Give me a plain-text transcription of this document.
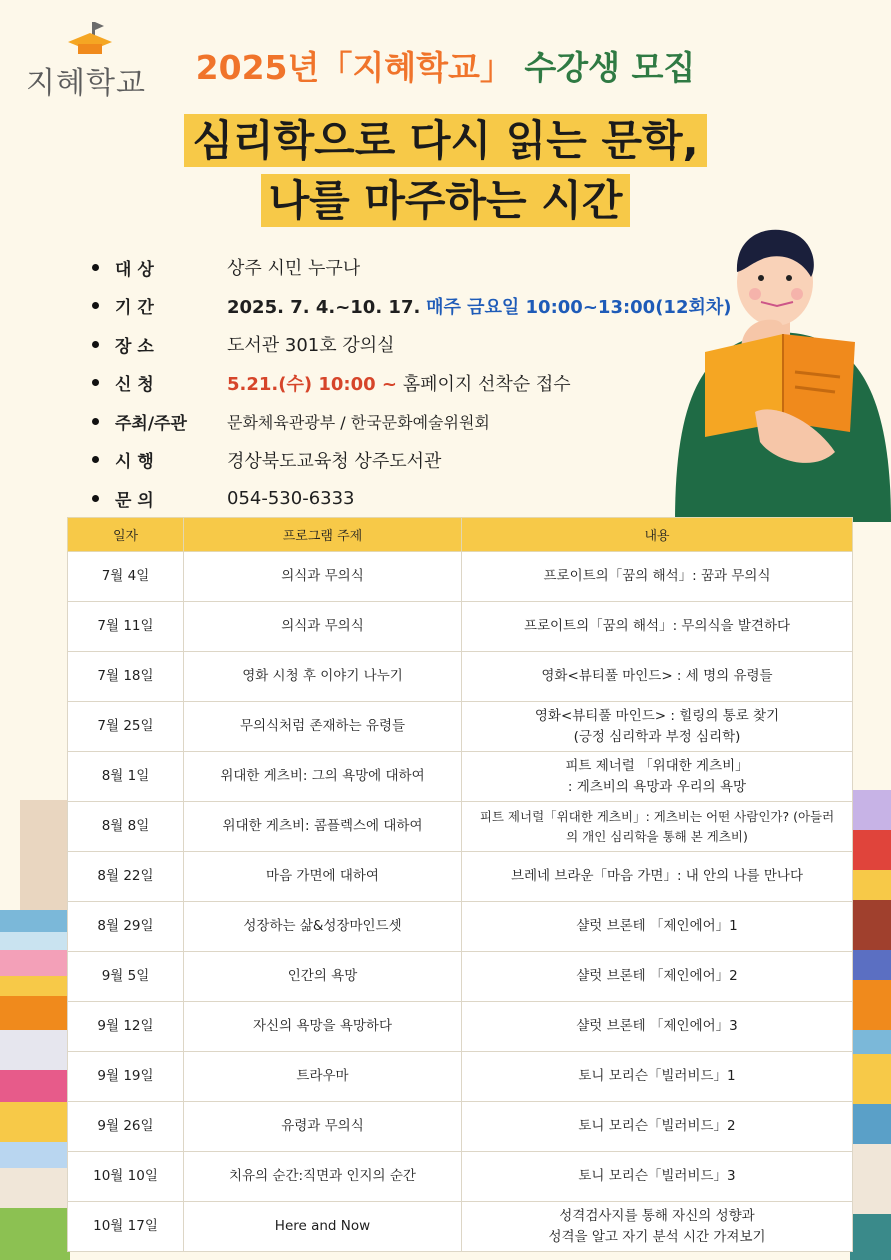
지혜학교	2025년「지혜학교」 수강생 모집
심리학으로 다시 읽는 문학,
나를 마주하는 시간
대 상	상주 시민 누구나
기 간	2025. 7. 4.~10. 17. 매주 금요일 10:00~13:00(12회차)
장 소	도서관 301호 강의실
신 청	5.21.(수) 10:00 ~ 홈페이지 선착순 접수
주최/주관	문화체육관광부 / 한국문화예술위원회
시 행	경상북도교육청 상주도서관
문 의	054-530-6333
일자	프로그램 주제	내용
7월 4일	의식과 무의식	프로이트의「꿈의 해석」: 꿈과 무의식
7월 11일	의식과 무의식	프로이트의「꿈의 해석」: 무의식을 발견하다
7월 18일	영화 시청 후 이야기 나누기	영화<뷰티풀 마인드> : 세 명의 유령들
7월 25일	무의식처럼 존재하는 유령들	영화<뷰티풀 마인드> : 힐링의 통로 찾기
(긍정 심리학과 부정 심리학)
8월 1일	위대한 게츠비: 그의 욕망에 대하여	피트 제너럴 「위대한 게츠비」
: 게츠비의 욕망과 우리의 욕망
8월 8일	위대한 게츠비: 콤플렉스에 대하여	피트 제너럴「위대한 게츠비」: 게츠비는 어떤 사람인가? (아들러
의 개인 심리학을 통해 본 게츠비)
8월 22일	마음 가면에 대하여	브레네 브라운「마음 가면」: 내 안의 나를 만나다
8월 29일	성장하는 삶&성장마인드셋	샬럿 브론테 「제인에어」1
9월 5일	인간의 욕망	샬럿 브론테 「제인에어」2
9월 12일	자신의 욕망을 욕망하다	샬럿 브론테 「제인에어」3
9월 19일	트라우마	토니 모리슨「빌러비드」1
9월 26일	유령과 무의식	토니 모리슨「빌러비드」2
10월 10일	치유의 순간:직면과 인지의 순간	토니 모리슨「빌러비드」3
10월 17일	Here and Now	성격검사지를 통해 자신의 성향과
성격을 알고 자기 분석 시간 가져보기
